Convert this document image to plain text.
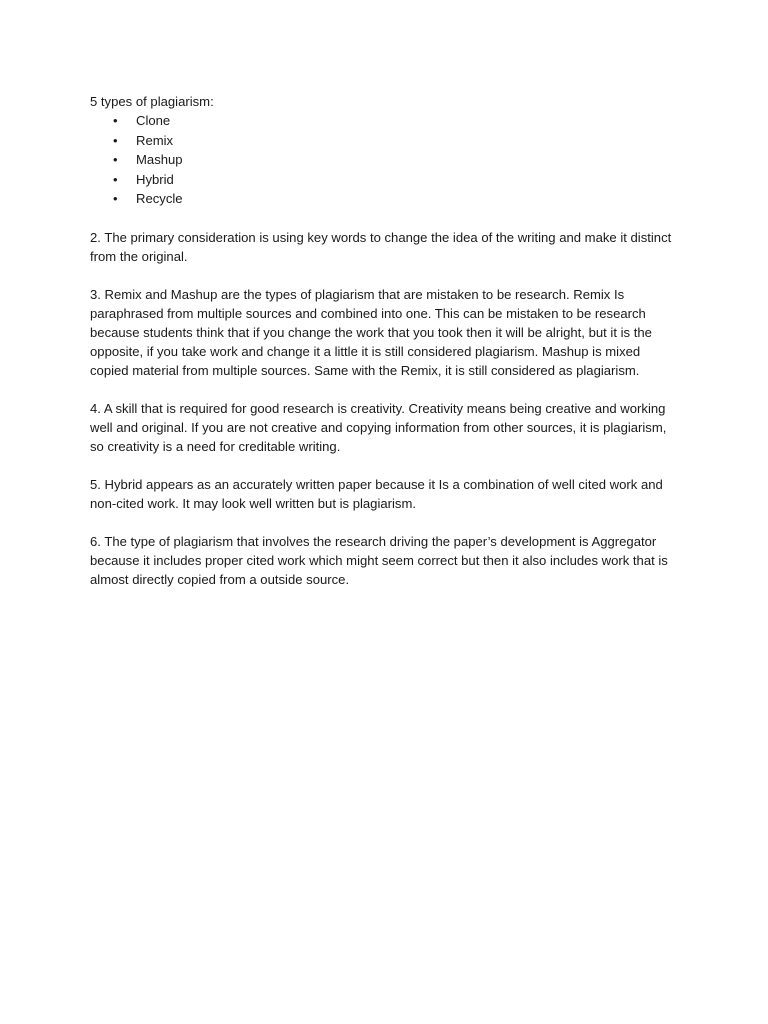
5 types of plagiarism:

• Clone
• Remix
• Mashup
• Hybrid
• Recycle

2. The primary consideration is using key words to change the idea of the writing and make it distinct from the original.

3. Remix and Mashup are the types of plagiarism that are mistaken to be research. Remix Is paraphrased from multiple sources and combined into one. This can be mistaken to be research because students think that if you change the work that you took then it will be alright, but it is the opposite, if you take work and change it a little it is still considered plagiarism. Mashup is mixed copied material from multiple sources. Same with the Remix, it is still considered as plagiarism.

4. A skill that is required for good research is creativity. Creativity means being creative and working well and original. If you are not creative and copying information from other sources, it is plagiarism, so creativity is a need for creditable writing.

5. Hybrid appears as an accurately written paper because it Is a combination of well cited work and non-cited work. It may look well written but is plagiarism.

6. The type of plagiarism that involves the research driving the paper’s development is Aggregator because it includes proper cited work which might seem correct but then it also includes work that is almost directly copied from a outside source.
